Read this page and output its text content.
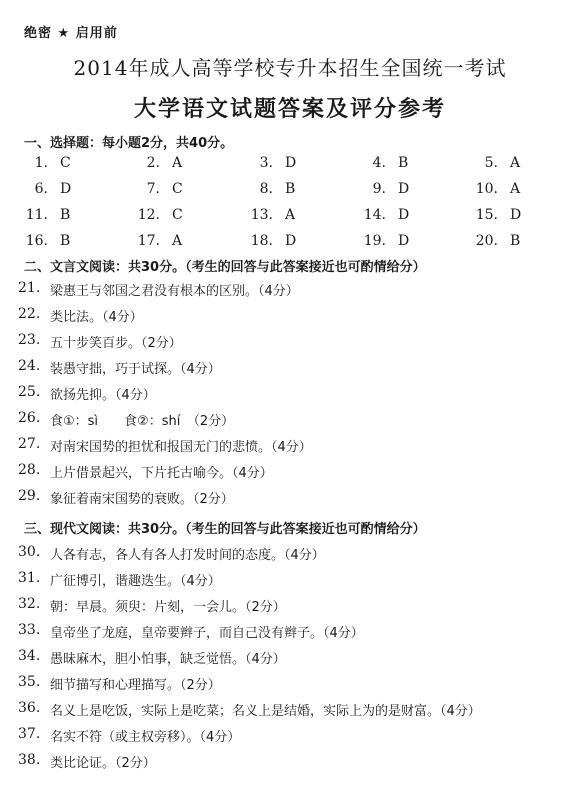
绝密 ★ 启用前
2014年成人高等学校专升本招生全国统一考试
大学语文试题答案及评分参考
一、选择题：每小题2分，共40分。
1. C	2. A	3. D	4. B	5. A
6. D	7. C	8. B	9. D	10. A
11. B	12. C	13. A	14. D	15. D
16. B	17. A	18. D	19. D	20. B
二、文言文阅读：共30分。（考生的回答与此答案接近也可酌情给分）
21. 梁惠王与邻国之君没有根本的区别。（4分）
22. 类比法。（4分）
23. 五十步笑百步。（2分）
24. 装愚守拙，巧于试探。（4分）
25. 欲扬先抑。（4分）
26. 食①：sì　　食②：shí　（2分）
27. 对南宋国势的担忧和报国无门的悲愤。（4分）
28. 上片借景起兴，下片托古喻今。（4分）
29. 象征着南宋国势的衰败。（2分）
三、现代文阅读：共30分。（考生的回答与此答案接近也可酌情给分）
30. 人各有志，各人有各人打发时间的态度。（4分）
31. 广征博引，谐趣迭生。（4分）
32. 朝：早晨。须臾：片刻，一会儿。（2分）
33. 皇帝坐了龙庭，皇帝要辫子，而自己没有辫子。（4分）
34. 愚昧麻木，胆小怕事，缺乏觉悟。（4分）
35. 细节描写和心理描写。（2分）
36. 名义上是吃饭，实际上是吃菜；名义上是结婚，实际上为的是财富。（4分）
37. 名实不符（或主权旁移）。（4分）
38. 类比论证。（2分）
